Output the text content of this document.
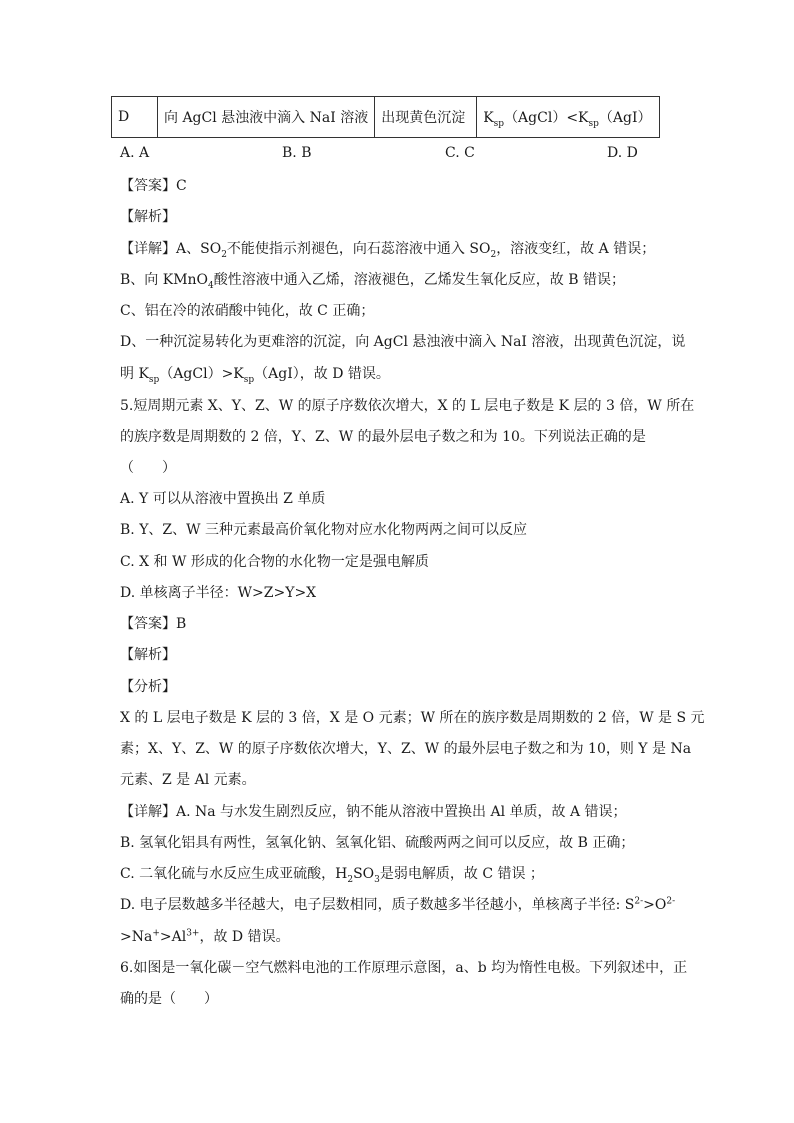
D	向 AgCl 悬浊液中滴入 NaI 溶液	出现黄色沉淀	$K_{sp}(AgCl)<K_{sp}(AgI)$
A. A	B. B	C. C	D. D
【答案】C
【解析】
【详解】A、$SO_2$不能使指示剂褪色，向石蕊溶液中通入 $SO_2$，溶液变红，故 A 错误；
B、向 KMnO$_4$酸性溶液中通入乙烯，溶液褪色，乙烯发生氧化反应，故 B 错误；
C、铝在冷的浓硝酸中钝化，故 C 正确；
D、一种沉淀易转化为更难溶的沉淀，向 AgCl 悬浊液中滴入 NaI 溶液，出现黄色沉淀，说
明 $K_{sp}(AgCl)>K_{sp}(AgI)$，故 D 错误。
5.短周期元素 X、Y、Z、W 的原子序数依次增大，X 的 L 层电子数是 K 层的 3 倍，W 所在
的族序数是周期数的 2 倍，Y、Z、W 的最外层电子数之和为 10。下列说法正确的是
（　　）
A. Y 可以从溶液中置换出 Z 单质
B. Y、Z、W 三种元素最高价氧化物对应水化物两两之间可以反应
C. X 和 W 形成的化合物的水化物一定是强电解质
D. 单核离子半径：W>Z>Y>X
【答案】B
【解析】
【分析】
X 的 L 层电子数是 K 层的 3 倍，X 是 O 元素；W 所在的族序数是周期数的 2 倍，W 是 S 元
素；X、Y、Z、W 的原子序数依次增大，Y、Z、W 的最外层电子数之和为 10，则 Y 是 Na
元素、Z 是 Al 元素。
【详解】A. Na 与水发生剧烈反应，钠不能从溶液中置换出 Al 单质，故 A 错误；
B. 氢氧化铝具有两性，氢氧化钠、氢氧化铝、硫酸两两之间可以反应，故 B 正确；
C. 二氧化硫与水反应生成亚硫酸，$H_2SO_3$是弱电解质，故 C 错误 ；
D. 电子层数越多半径越大，电子层数相同，质子数越多半径越小，单核离子半径: $S^{2-}>O^{2-}$
$>Na^+>Al^{3+}$，故 D 错误。
6.如图是一氧化碳－空气燃料电池的工作原理示意图，a、b 均为惰性电极。下列叙述中，正
确的是（　　）
